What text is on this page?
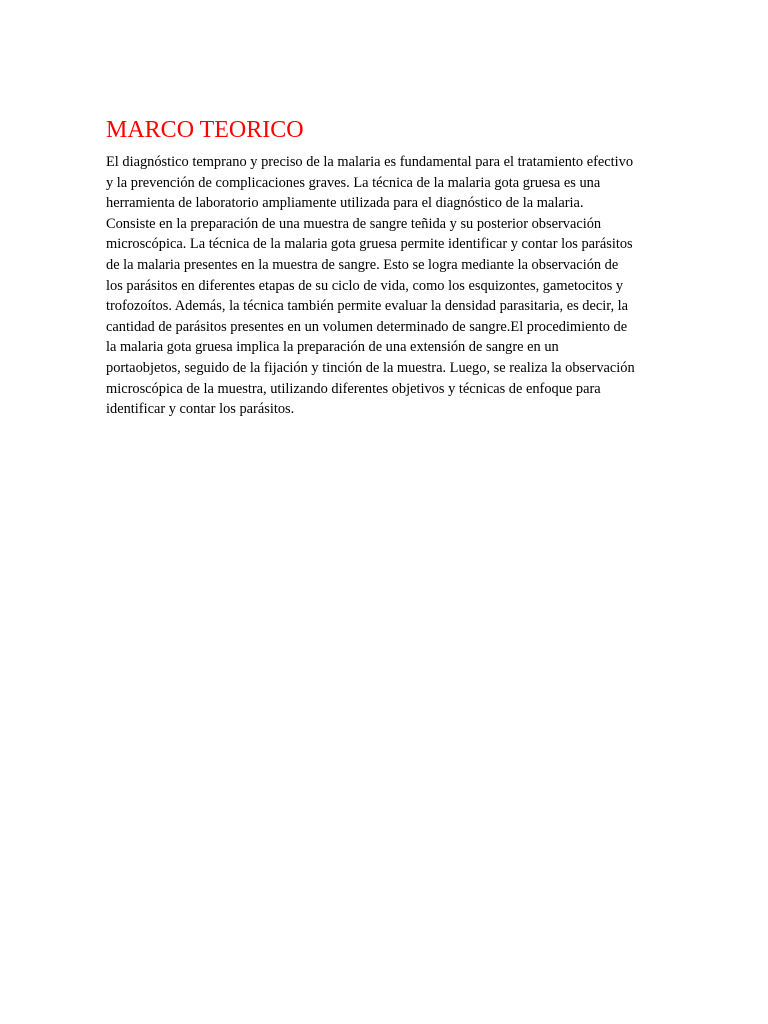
MARCO TEORICO
El diagnóstico temprano y preciso de la malaria es fundamental para el tratamiento efectivo
y la prevención de complicaciones graves. La técnica de la malaria gota gruesa es una
herramienta de laboratorio ampliamente utilizada para el diagnóstico de la malaria.
Consiste en la preparación de una muestra de sangre teñida y su posterior observación
microscópica. La técnica de la malaria gota gruesa permite identificar y contar los parásitos
de la malaria presentes en la muestra de sangre. Esto se logra mediante la observación de
los parásitos en diferentes etapas de su ciclo de vida, como los esquizontes, gametocitos y
trofozoítos. Además, la técnica también permite evaluar la densidad parasitaria, es decir, la
cantidad de parásitos presentes en un volumen determinado de sangre.El procedimiento de
la malaria gota gruesa implica la preparación de una extensión de sangre en un
portaobjetos, seguido de la fijación y tinción de la muestra. Luego, se realiza la observación
microscópica de la muestra, utilizando diferentes objetivos y técnicas de enfoque para
identificar y contar los parásitos.
